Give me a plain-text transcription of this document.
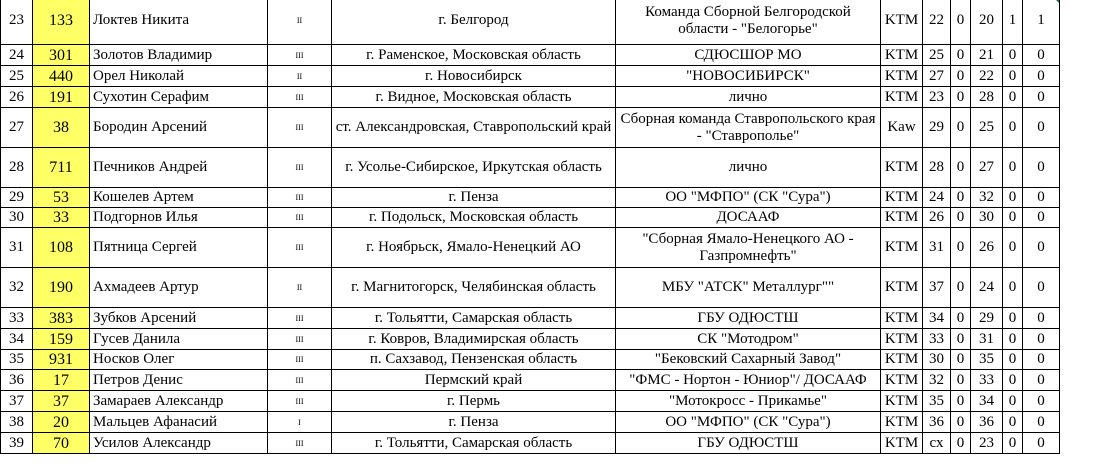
23	133	Локтев Никита	II	г. Белгород	Команда Сборной Белгородской области - "Белогорье"	KTM	22	0	20	1	1

24	301	Золотов Владимир	III	г. Раменское, Московская область	СДЮСШОР МО	KTM	25	0	21	0	0
25	440	Орел Николай	II	г. Новосибирск	"НОВОСИБИРСК"	KTM	27	0	22	0	0
26	191	Сухотин Серафим	III	г. Видное, Московская область	лично	KTM	23	0	28	0	0
27	38	Бородин Арсений	III	ст. Александровская, Ставропольский край	Сборная команда Ставропольского края - "Ставрополье"	Kaw	29	0	25	0	0
28	711	Печников Андрей	III	г. Усолье-Сибирское, Иркутская область	лично	KTM	28	0	27	0	0
29	53	Кошелев Артем	III	г. Пенза	ОО "МФПО" (СК "Сура")	KTM	24	0	32	0	0
30	33	Подгорнов Илья	III	г. Подольск, Московская область	ДОСААФ	KTM	26	0	30	0	0
31	108	Пятница Сергей	III	г. Ноябрьск, Ямало-Ненецкий АО	"Сборная Ямало-Ненецкого АО - Газпромнефть"	KTM	31	0	26	0	0
32	190	Ахмадеев Артур	II	г. Магнитогорск, Челябинская область	МБУ "АТСК" Металлург""	KTM	37	0	24	0	0
33	383	Зубков Арсений	III	г. Тольятти, Самарская область	ГБУ ОДЮСТШ	KTM	34	0	29	0	0
34	159	Гусев Данила	III	г. Ковров, Владимирская область	СК "Мотодром"	KTM	33	0	31	0	0
35	931	Носков Олег	III	п. Сахзавод, Пензенская область	"Бековский Сахарный Завод"	KTM	30	0	35	0	0
36	17	Петров Денис	III	Пермский край	"ФМС - Нортон - Юниор"/ ДОСААФ	KTM	32	0	33	0	0
37	37	Замараев Александр	III	г. Пермь	"Мотокросс - Прикамье"	KTM	35	0	34	0	0
38	20	Мальцев Афанасий	I	г. Пенза	ОО "МФПО" (СК "Сура")	KTM	36	0	36	0	0
39	70	Усилов Александр	III	г. Тольятти, Самарская область	ГБУ ОДЮСТШ	KTM	сх	0	23	0	0
